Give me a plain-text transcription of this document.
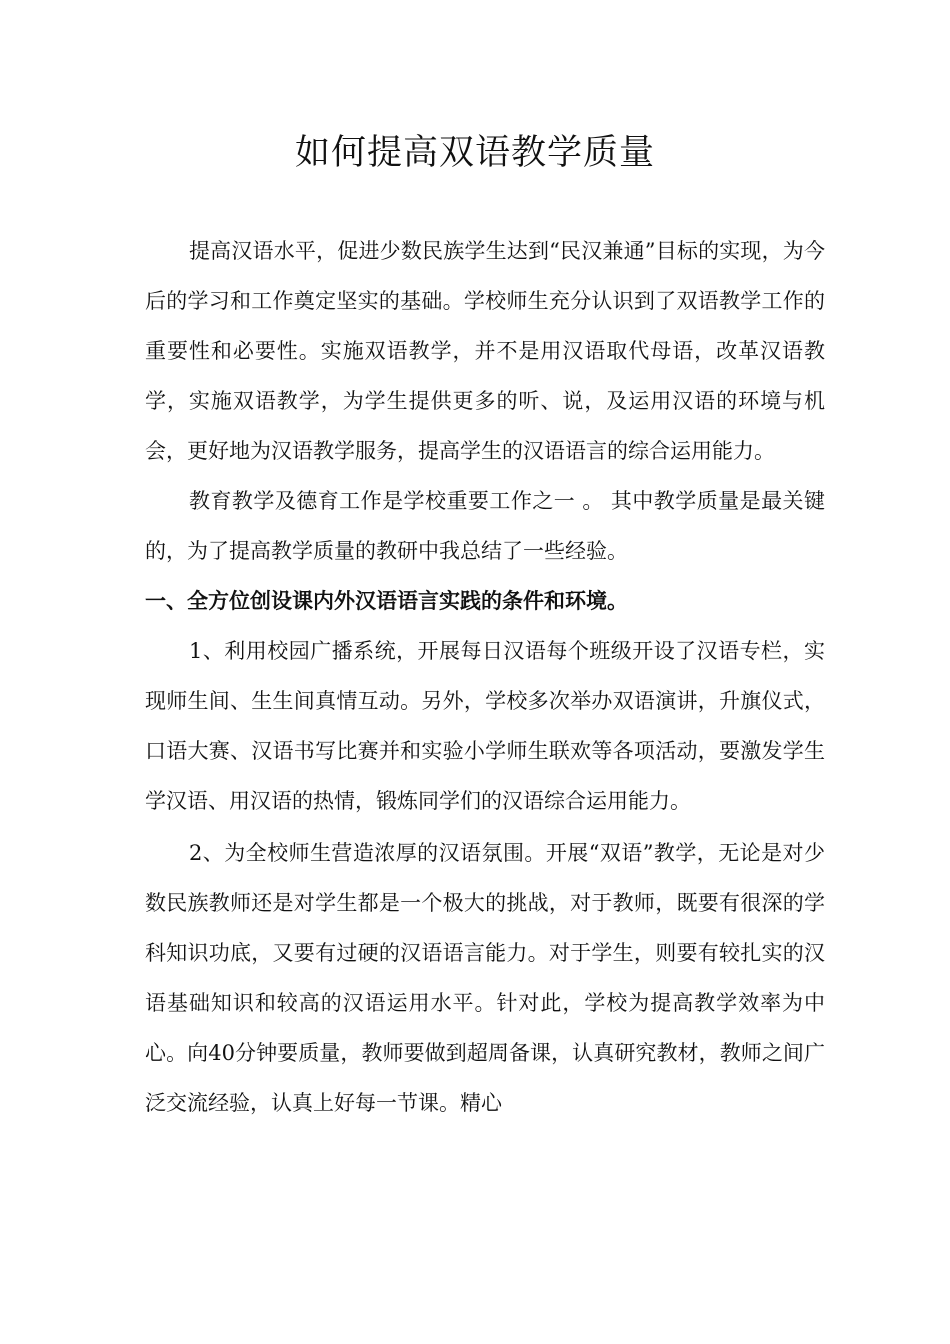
如何提高双语教学质量

提高汉语水平，促进少数民族学生达到“民汉兼通”目标的实现，为今后的学习和工作奠定坚实的基础。学校师生充分认识到了双语教学工作的重要性和必要性。实施双语教学，并不是用汉语取代母语，改革汉语教学，实施双语教学，为学生提供更多的听、说，及运用汉语的环境与机会，更好地为汉语教学服务，提高学生的汉语语言的综合运用能力。

教育教学及德育工作是学校重要工作之一 。 其中教学质量是最关键的，为了提高教学质量的教研中我总结了一些经验。

一、全方位创设课内外汉语语言实践的条件和环境。

1、利用校园广播系统，开展每日汉语每个班级开设了汉语专栏，实现师生间、生生间真情互动。另外，学校多次举办双语演讲，升旗仪式，口语大赛、汉语书写比赛并和实验小学师生联欢等各项活动，要激发学生学汉语、用汉语的热情，锻炼同学们的汉语综合运用能力。

2、为全校师生营造浓厚的汉语氛围。开展“双语”教学，无论是对少数民族教师还是对学生都是一个极大的挑战，对于教师，既要有很深的学科知识功底，又要有过硬的汉语语言能力。对于学生，则要有较扎实的汉语基础知识和较高的汉语运用水平。针对此，学校为提高教学效率为中心。向40分钟要质量，教师要做到超周备课，认真研究教材，教师之间广泛交流经验，认真上好每一节课。精心
